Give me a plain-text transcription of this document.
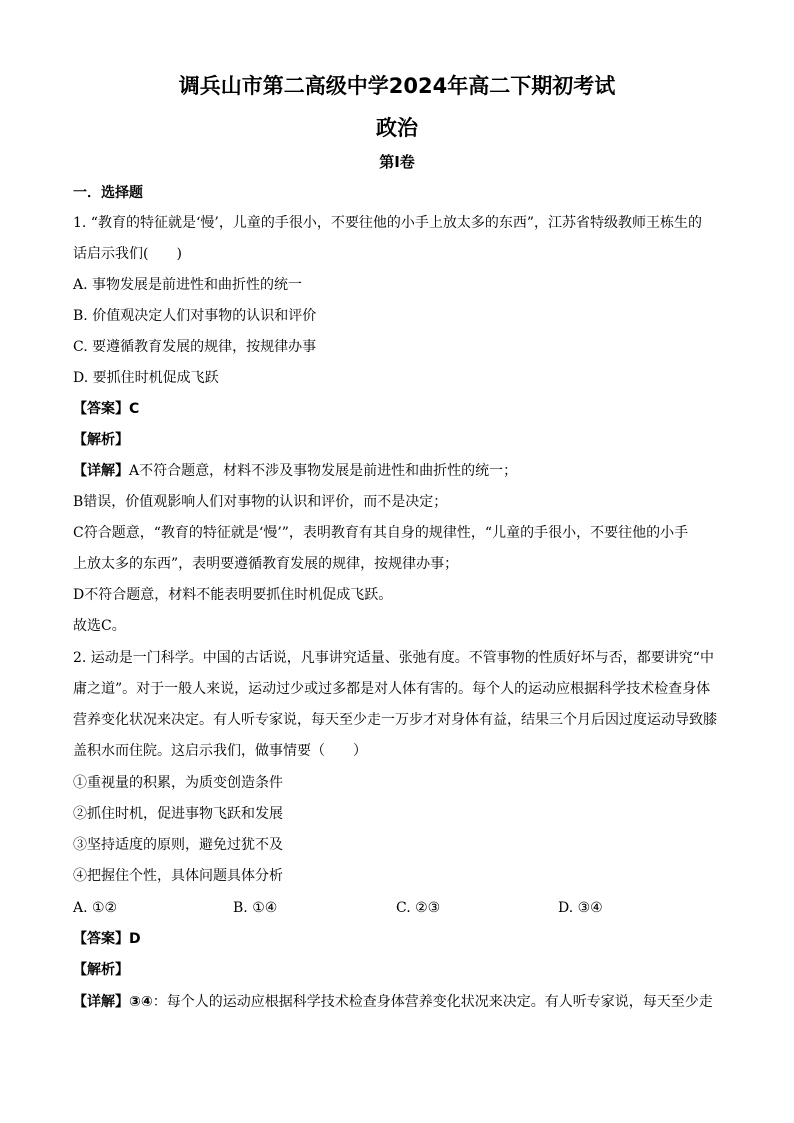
调兵山市第二高级中学2024年高二下期初考试
政治
第I卷
一．选择题
1. “教育的特征就是‘慢’，儿童的手很小，不要往他的小手上放太多的东西”，江苏省特级教师王栋生的
话启示我们(　　)
A. 事物发展是前进性和曲折性的统一
B. 价值观决定人们对事物的认识和评价
C. 要遵循教育发展的规律，按规律办事
D. 要抓住时机促成飞跃
【答案】C
【解析】
【详解】A不符合题意，材料不涉及事物发展是前进性和曲折性的统一；
B错误，价值观影响人们对事物的认识和评价，而不是决定；
C符合题意，“教育的特征就是‘慢’”，表明教育有其自身的规律性，“儿童的手很小，不要往他的小手
上放太多的东西”，表明要遵循教育发展的规律，按规律办事；
D不符合题意，材料不能表明要抓住时机促成飞跃。
故选C。
2. 运动是一门科学。中国的古话说，凡事讲究适量、张弛有度。不管事物的性质好坏与否，都要讲究“中
庸之道”。对于一般人来说，运动过少或过多都是对人体有害的。每个人的运动应根据科学技术检查身体
营养变化状况来决定。有人听专家说，每天至少走一万步才对身体有益，结果三个月后因过度运动导致膝
盖积水而住院。这启示我们，做事情要（　　）
①重视量的积累，为质变创造条件
②抓住时机，促进事物飞跃和发展
③坚持适度的原则，避免过犹不及
④把握住个性，具体问题具体分析
A. ①②	B. ①④	C. ②③	D. ③④
【答案】D
【解析】
【详解】③④：每个人的运动应根据科学技术检查身体营养变化状况来决定。有人听专家说，每天至少走
